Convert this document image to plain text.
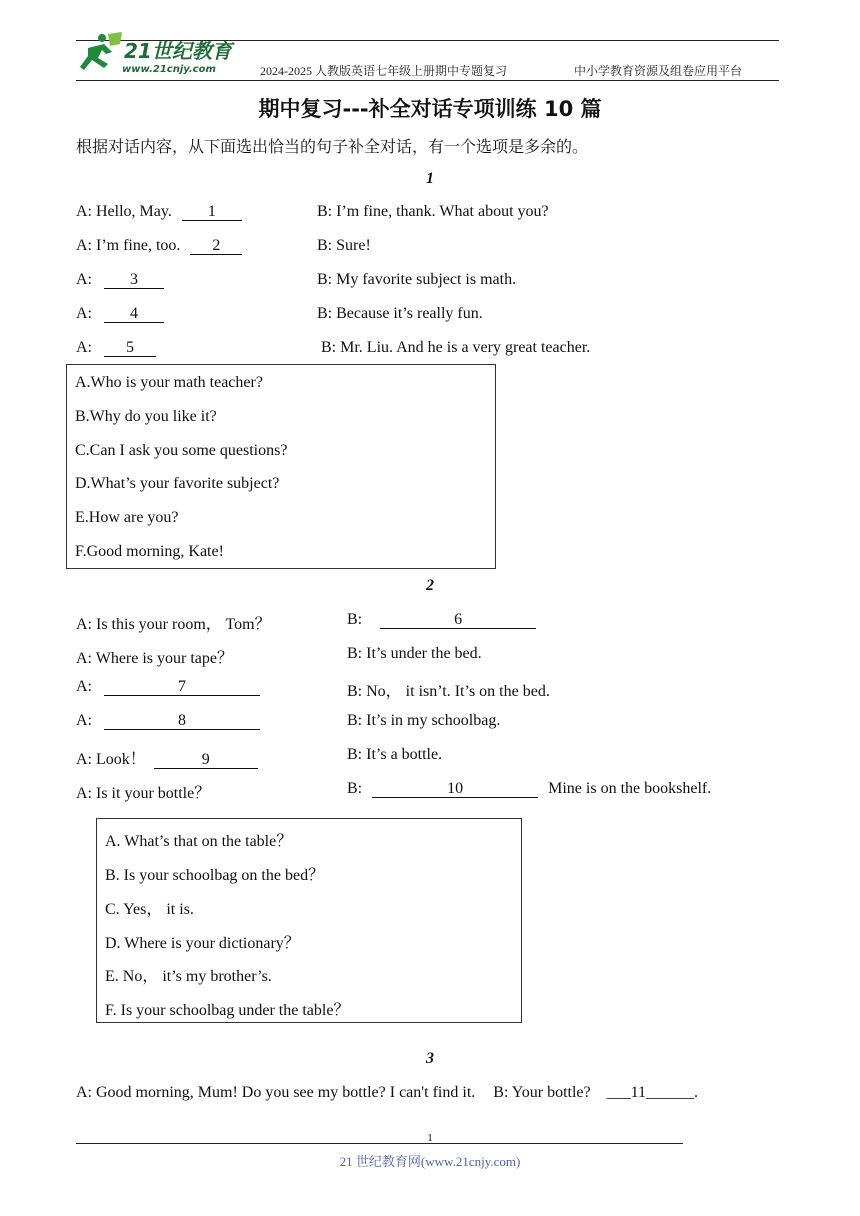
21世纪教育
www.21cnjy.com	2024-2025 人教版英语七年级上册期中专题复习	中小学教育资源及组卷应用平台
期中复习---补全对话专项训练 10 篇
根据对话内容，从下面选出恰当的句子补全对话，有一个选项是多余的。
1
A: Hello, May. 1	B: I’m fine, thank. What about you?
A: I’m fine, too. 2	B: Sure!
A: 3	B: My favorite subject is math.
A: 4	B: Because it’s really fun.
A: 5	B: Mr. Liu. And he is a very great teacher.
A.Who is your math teacher?
B.Why do you like it?
C.Can I ask you some questions?
D.What’s your favorite subject?
E.How are you?
F.Good morning, Kate!
2
A: Is this your room， Tom？	B:	6
A: Where is your tape？	B: It’s under the bed.
A:	7	B: No， it isn’t. It’s on the bed.
A:	8	B: It’s in my schoolbag.
A: Look！	9	B: It’s a bottle.
A: Is it your bottle？	B:	10	Mine is on the bookshelf.
A. What’s that on the table？
B. Is your schoolbag on the bed？
C. Yes， it is.
D. Where is your dictionary？
E. No， it’s my brother’s.
F. Is your schoolbag under the table？
3
A: Good morning, Mum! Do you see my bottle? I can't find it. B: Your bottle? ___11______.
1
21 世纪教育网(www.21cnjy.com)
